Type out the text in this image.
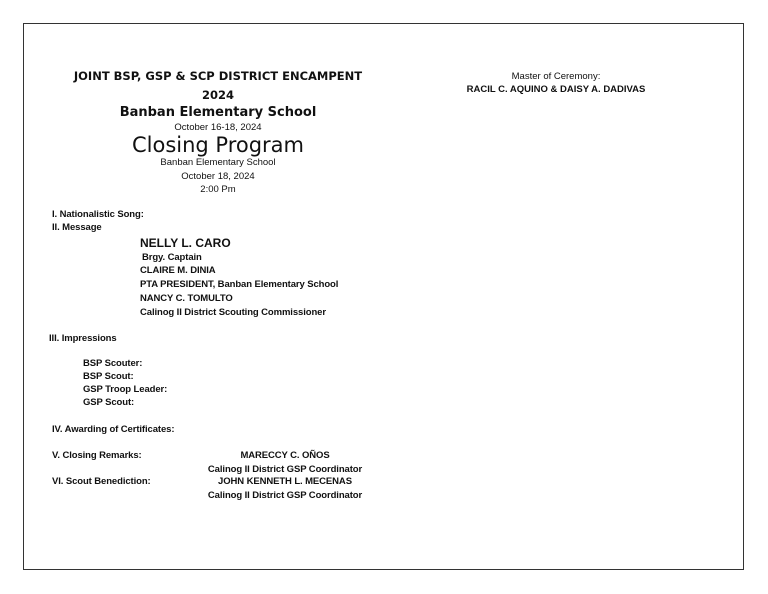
JOINT BSP, GSP & SCP DISTRICT ENCAMPENT
2024
Banban Elementary School
October 16-18, 2024
Closing Program
Banban Elementary School
October 18, 2024
2:00 Pm
Master of Ceremony:
RACIL C. AQUINO & DAISY A. DADIVAS
I. Nationalistic Song:
II. Message
NELLY L. CARO
Brgy. Captain
CLAIRE M. DINIA
PTA PRESIDENT, Banban Elementary School
NANCY C. TOMULTO
Calinog II District Scouting Commissioner
III. Impressions
BSP Scouter:
BSP Scout:
GSP Troop Leader:
GSP Scout:
IV. Awarding of Certificates:
V. Closing Remarks:	MARECCY C. OÑOS
Calinog II District GSP Coordinator
VI. Scout Benediction:	JOHN KENNETH L. MECENAS
Calinog II District GSP Coordinator
